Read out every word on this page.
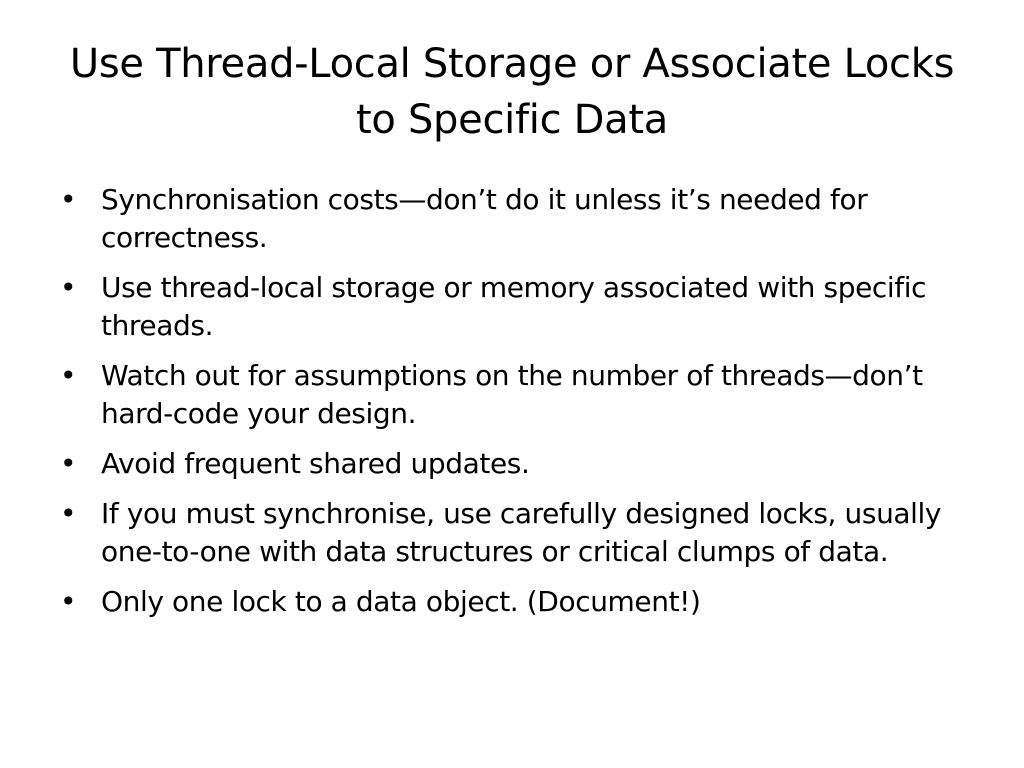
Use Thread-Local Storage or Associate Locks to Specific Data
• Synchronisation costs—don’t do it unless it’s needed for correctness.
• Use thread-local storage or memory associated with specific threads.
• Watch out for assumptions on the number of threads—don’t hard-code your design.
• Avoid frequent shared updates.
• If you must synchronise, use carefully designed locks, usually one-to-one with data structures or critical clumps of data.
• Only one lock to a data object. (Document!)
